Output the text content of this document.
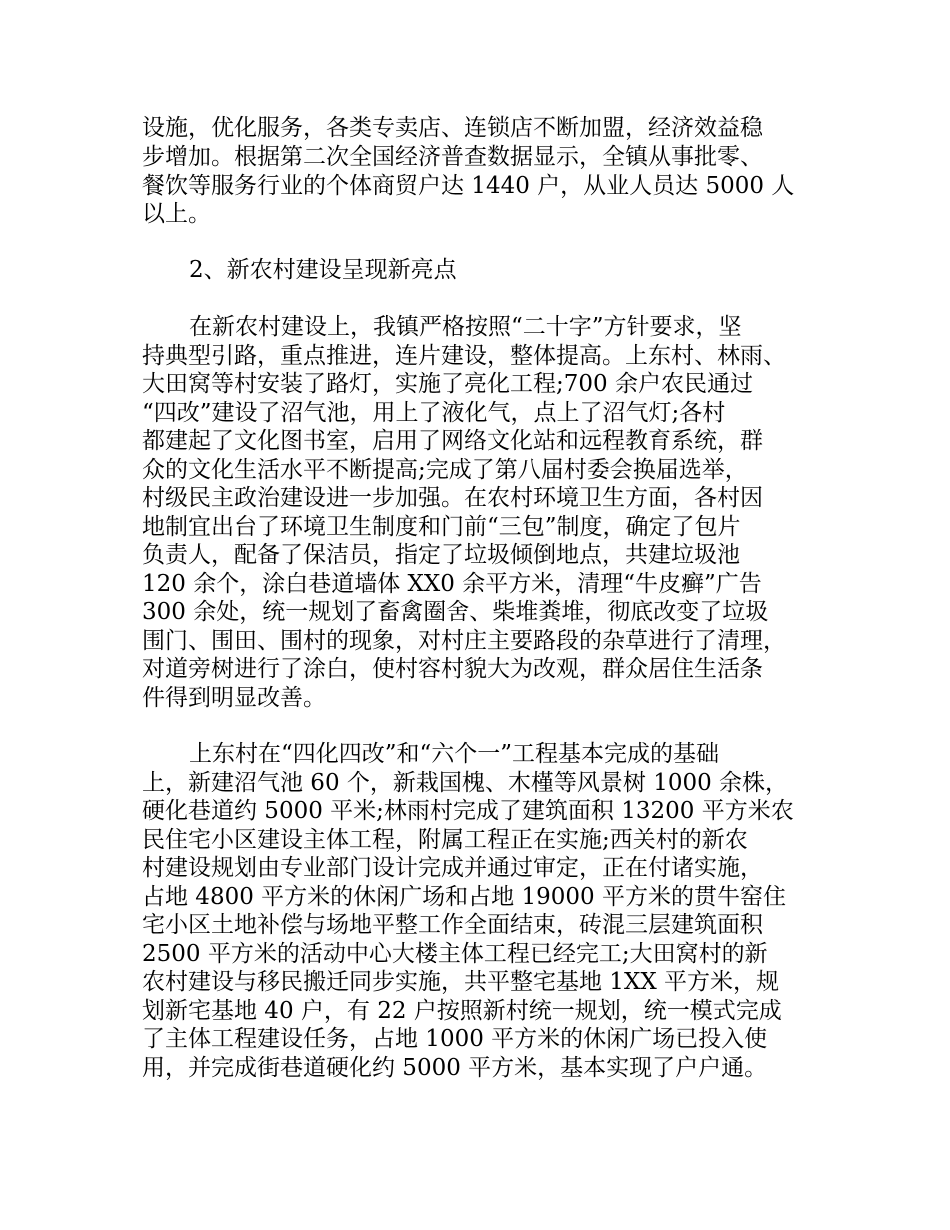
设施，优化服务，各类专卖店、连锁店不断加盟，经济效益稳
步增加。根据第二次全国经济普查数据显示，全镇从事批零、
餐饮等服务行业的个体商贸户达 1440 户，从业人员达 5000 人
以上。
2、新农村建设呈现新亮点
在新农村建设上，我镇严格按照“二十字”方针要求，坚
持典型引路，重点推进，连片建设，整体提高。上东村、林雨、
大田窝等村安装了路灯，实施了亮化工程;700 余户农民通过
“四改”建设了沼气池，用上了液化气，点上了沼气灯;各村
都建起了文化图书室，启用了网络文化站和远程教育系统，群
众的文化生活水平不断提高;完成了第八届村委会换届选举，
村级民主政治建设进一步加强。在农村环境卫生方面，各村因
地制宜出台了环境卫生制度和门前“三包”制度，确定了包片
负责人，配备了保洁员，指定了垃圾倾倒地点，共建垃圾池
120 余个，涂白巷道墙体 XX0 余平方米，清理“牛皮癣”广告
300 余处，统一规划了畜禽圈舍、柴堆粪堆，彻底改变了垃圾
围门、围田、围村的现象，对村庄主要路段的杂草进行了清理，
对道旁树进行了涂白，使村容村貌大为改观，群众居住生活条
件得到明显改善。
上东村在“四化四改”和“六个一”工程基本完成的基础
上，新建沼气池 60 个，新栽国槐、木槿等风景树 1000 余株，
硬化巷道约 5000 平米;林雨村完成了建筑面积 13200 平方米农
民住宅小区建设主体工程，附属工程正在实施;西关村的新农
村建设规划由专业部门设计完成并通过审定，正在付诸实施，
占地 4800 平方米的休闲广场和占地 19000 平方米的贯牛窑住
宅小区土地补偿与场地平整工作全面结束，砖混三层建筑面积
2500 平方米的活动中心大楼主体工程已经完工;大田窝村的新
农村建设与移民搬迁同步实施，共平整宅基地 1XX 平方米，规
划新宅基地 40 户，有 22 户按照新村统一规划，统一模式完成
了主体工程建设任务，占地 1000 平方米的休闲广场已投入使
用，并完成街巷道硬化约 5000 平方米，基本实现了户户通。
